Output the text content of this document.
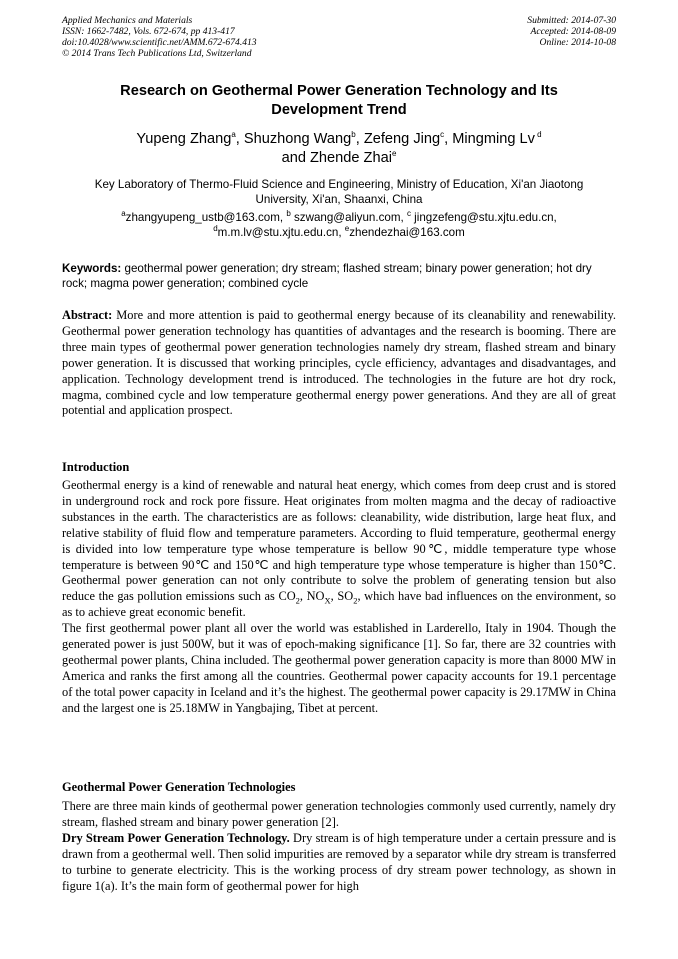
Applied Mechanics and Materials
ISSN: 1662-7482, Vols. 672-674, pp 413-417
doi:10.4028/www.scientific.net/AMM.672-674.413
© 2014 Trans Tech Publications Ltd, Switzerland
Submitted: 2014-07-30
Accepted: 2014-08-09
Online: 2014-10-08
Research on Geothermal Power Generation Technology and Its
Development Trend
Yupeng Zhang$^a$, Shuzhong Wang$^b$, Zefeng Jing$^c$, Mingming Lv $^d$
and Zhende Zhai$^e$
Key Laboratory of Thermo-Fluid Science and Engineering, Ministry of Education, Xi'an Jiaotong
University, Xi'an, Shaanxi, China
$^a$zhangyupeng_ustb@163.com, $^b$ szwang@aliyun.com, $^c$ jingzefeng@stu.xjtu.edu.cn,
$^d$m.m.lv@stu.xjtu.edu.cn, $^e$zhendezhai@163.com
Keywords: geothermal power generation; dry stream; flashed stream; binary power generation; hot dry rock; magma power generation; combined cycle

Abstract: More and more attention is paid to geothermal energy because of its cleanability and renewability. Geothermal power generation technology has quantities of advantages and the research is booming. There are three main types of geothermal power generation technologies namely dry stream, flashed stream and binary power generation. It is discussed that working principles, cycle efficiency, advantages and disadvantages, and application. Technology development trend is introduced. The technologies in the future are hot dry rock, magma, combined cycle and low temperature geothermal energy power generations. And they are all of great potential and application prospect.

Introduction

Geothermal energy is a kind of renewable and natural heat energy, which comes from deep crust and is stored in underground rock and rock pore fissure. Heat originates from molten magma and the decay of radioactive substances in the earth. The characteristics are as follows: cleanability, wide distribution, large heat flux, and relative stability of fluid flow and temperature parameters. According to fluid temperature, geothermal energy is divided into low temperature type whose temperature is bellow 90℃, middle temperature type whose temperature is between 90℃ and 150℃ and high temperature type whose temperature is higher than 150℃. Geothermal power generation can not only contribute to solve the problem of generating tension but also reduce the gas pollution emissions such as $CO_2$, $NO_X$, $SO_2$, which have bad influences on the environment, so as to achieve great economic benefit.

The first geothermal power plant all over the world was established in Larderello, Italy in 1904. Though the generated power is just 500W, but it was of epoch-making significance [1]. So far, there are 32 countries with geothermal power plants, China included. The geothermal power generation capacity is more than 8000 MW in America and ranks the first among all the countries. Geothermal power capacity accounts for 19.1 percentage of the total power capacity in Iceland and it’s the highest. The geothermal power capacity is 29.17MW in China and the largest one is 25.18MW in Yangbajing, Tibet at percent.

Geothermal Power Generation Technologies

There are three main kinds of geothermal power generation technologies commonly used currently, namely dry stream, flashed stream and binary power generation [2].

Dry Stream Power Generation Technology. Dry stream is of high temperature under a certain pressure and is drawn from a geothermal well. Then solid impurities are removed by a separator while dry stream is transferred to turbine to generate electricity. This is the working process of dry stream power technology, as shown in figure 1(a). It’s the main form of geothermal power for high
